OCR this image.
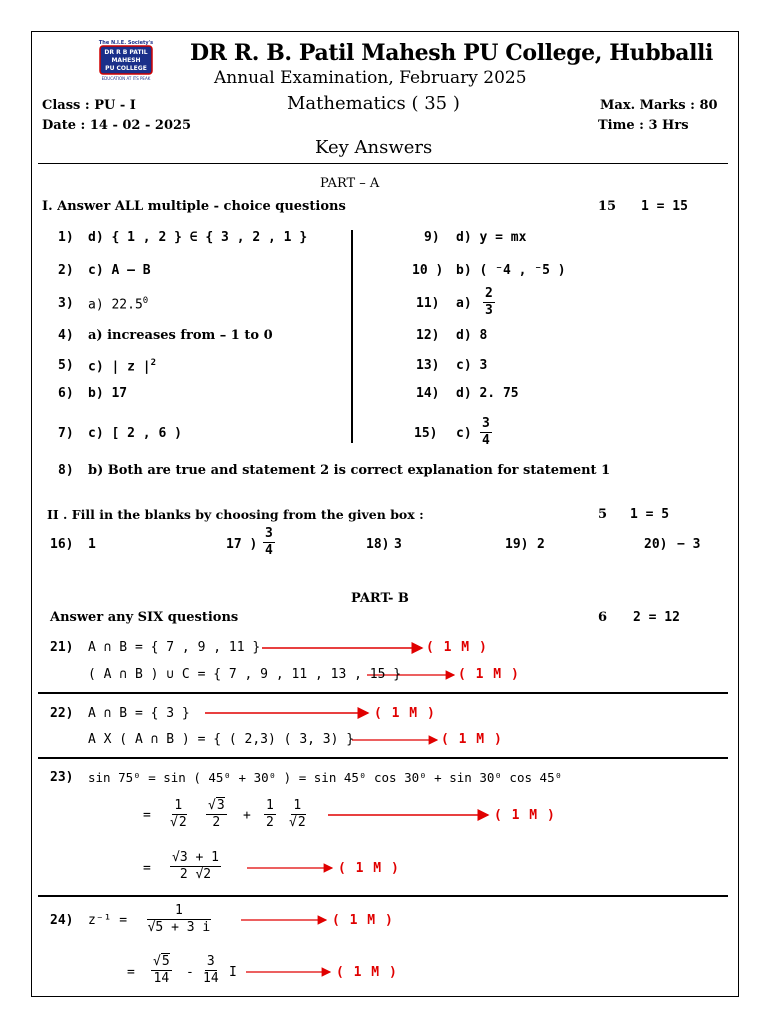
The N.I.E. Society's
DR R B PATIL
MAHESH
PU COLLEGE
EDUCATION AT ITS PEAK
DR R. B. Patil Mahesh PU College, Hubballi
Annual Examination, February 2025
Mathematics ( 35 )
Class : PU - I
Date : 14 - 02 - 2025
Max. Marks : 80
Time : 3 Hrs
Key Answers
PART – A
I. Answer ALL multiple - choice questions	15 1 = 15
1) d) { 1 , 2 } ∈ { 3 , 2 , 1 }
2) c) A – B
3) a) 22.5$^0$
4) a) increases from – 1 to 0
5) c) | z $|^2$
6) b) 17
7) c) [ 2 , 6 )
9) d) y = mx
10 ) b) ( ⁻4 , ⁻5 )
11) $a) \frac{2}{3}$
12) d) 8
13) c) 3
14) d) 2. 75
15) $c) \frac{3}{4}$
8) b) Both are true and statement 2 is correct explanation for statement 1
II . Fill in the blanks by choosing from the given box :	5 1 = 5
16) 1	17 ) $\frac{3}{4}$	18) 3	19) 2	20) − 3
PART- B
Answer any SIX questions	6 2 = 12
21) A ∩ B = { 7 , 9 , 11 }	( 1 M )
( A ∩ B ) ∪ C = { 7 , 9 , 11 , 13 , 15 }	( 1 M )
22) A ∩ B = { 3 }	( 1 M )
A X ( A ∩ B ) = { ( 2,3) ( 3, 3) }	( 1 M )
23) sin 75⁰ = sin ( 45⁰ + 30⁰ ) = sin 45⁰ cos 30⁰ + sin 30⁰ cos 45⁰
= $\frac{1}{√2} \frac{√3}{2} + \frac{1}{2} \frac{1}{√2}$	( 1 M )
= $\frac{√3 + 1}{2 √2}$	( 1 M )
24) $z^{-1} = \frac{1}{√5 + 3 i}$	( 1 M )
= $\frac{√5}{14} - \frac{3}{14}$ I	( 1 M )
